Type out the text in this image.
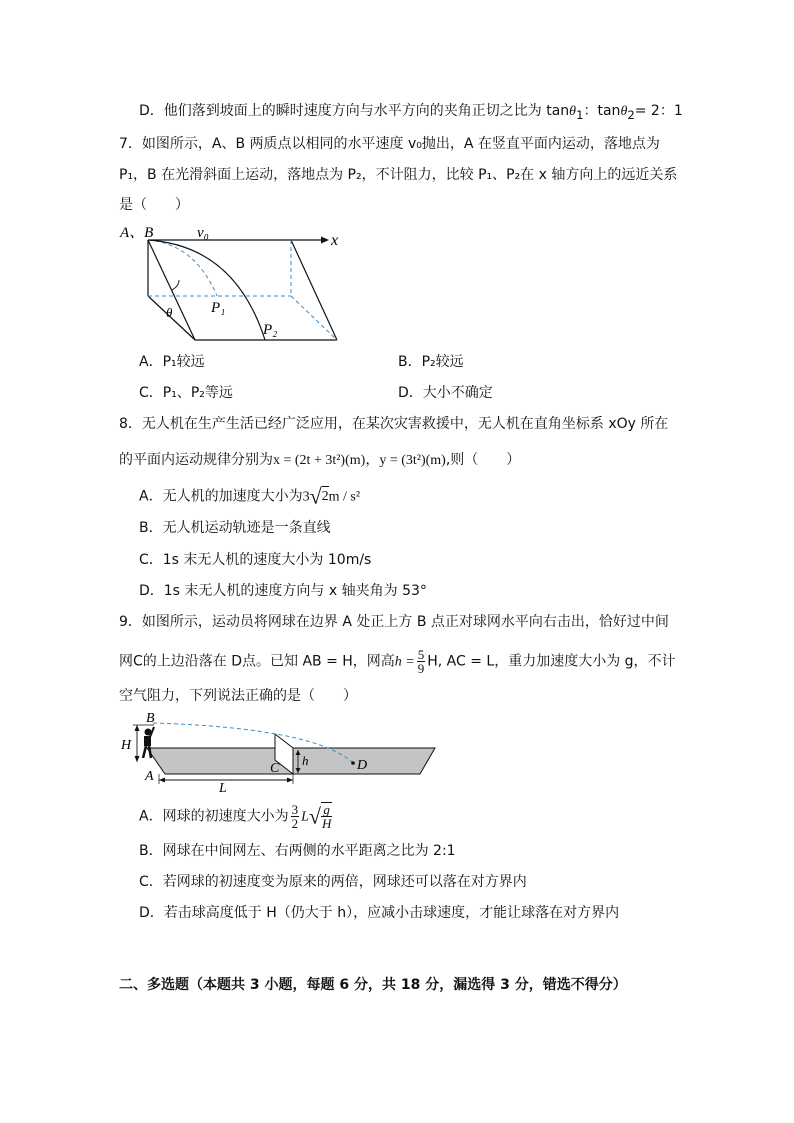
D．他们落到坡面上的瞬时速度方向与水平方向的夹角正切之比为 tanθ$_1$：tanθ$_2$= 2：1
7．如图所示，A、B 两质点以相同的水平速度 v₀抛出，A 在竖直平面内运动，落地点为
P₁，B 在光滑斜面上运动，落地点为 P₂，不计阻力，比较 P₁、P₂在 x 轴方向上的远近关系
是（　　）
A、B	v₀	x
θ	P₁
P₂
A．P₁较远	B．P₂较远
C．P₁、P₂等远	D．大小不确定
8．无人机在生产生活已经广泛应用，在某次灾害救援中，无人机在直角坐标系 xOy 所在
的平面内运动规律分别为x = (2t + 3t²)(m)，y = (3t²)(m),则（　　）
A．无人机的加速度大小为3√2m / s²
B．无人机运动轨迹是一条直线
C．1s 末无人机的速度大小为 10m/s
D．1s 末无人机的速度方向与 x 轴夹角为 53°
9．如图所示，运动员将网球在边界 A 处正上方 B 点正对球网水平向右击出，恰好过中间
网C的上边沿落在 D点。已知 AB = H，网高$h = \frac{5}{9} H$, AC = L，重力加速度大小为 g，不计
空气阻力，下列说法正确的是（　　）
B
H
A
C
h	D
L
A．网球的初速度大小为 $\frac{3}{2} L√ \frac{g}{H}$
B．网球在中间网左、右两侧的水平距离之比为 2:1
C．若网球的初速度变为原来的两倍，网球还可以落在对方界内
D．若击球高度低于 H（仍大于 h），应减小击球速度，才能让球落在对方界内
二、多选题（本题共 3 小题，每题 6 分，共 18 分，漏选得 3 分，错选不得分）
